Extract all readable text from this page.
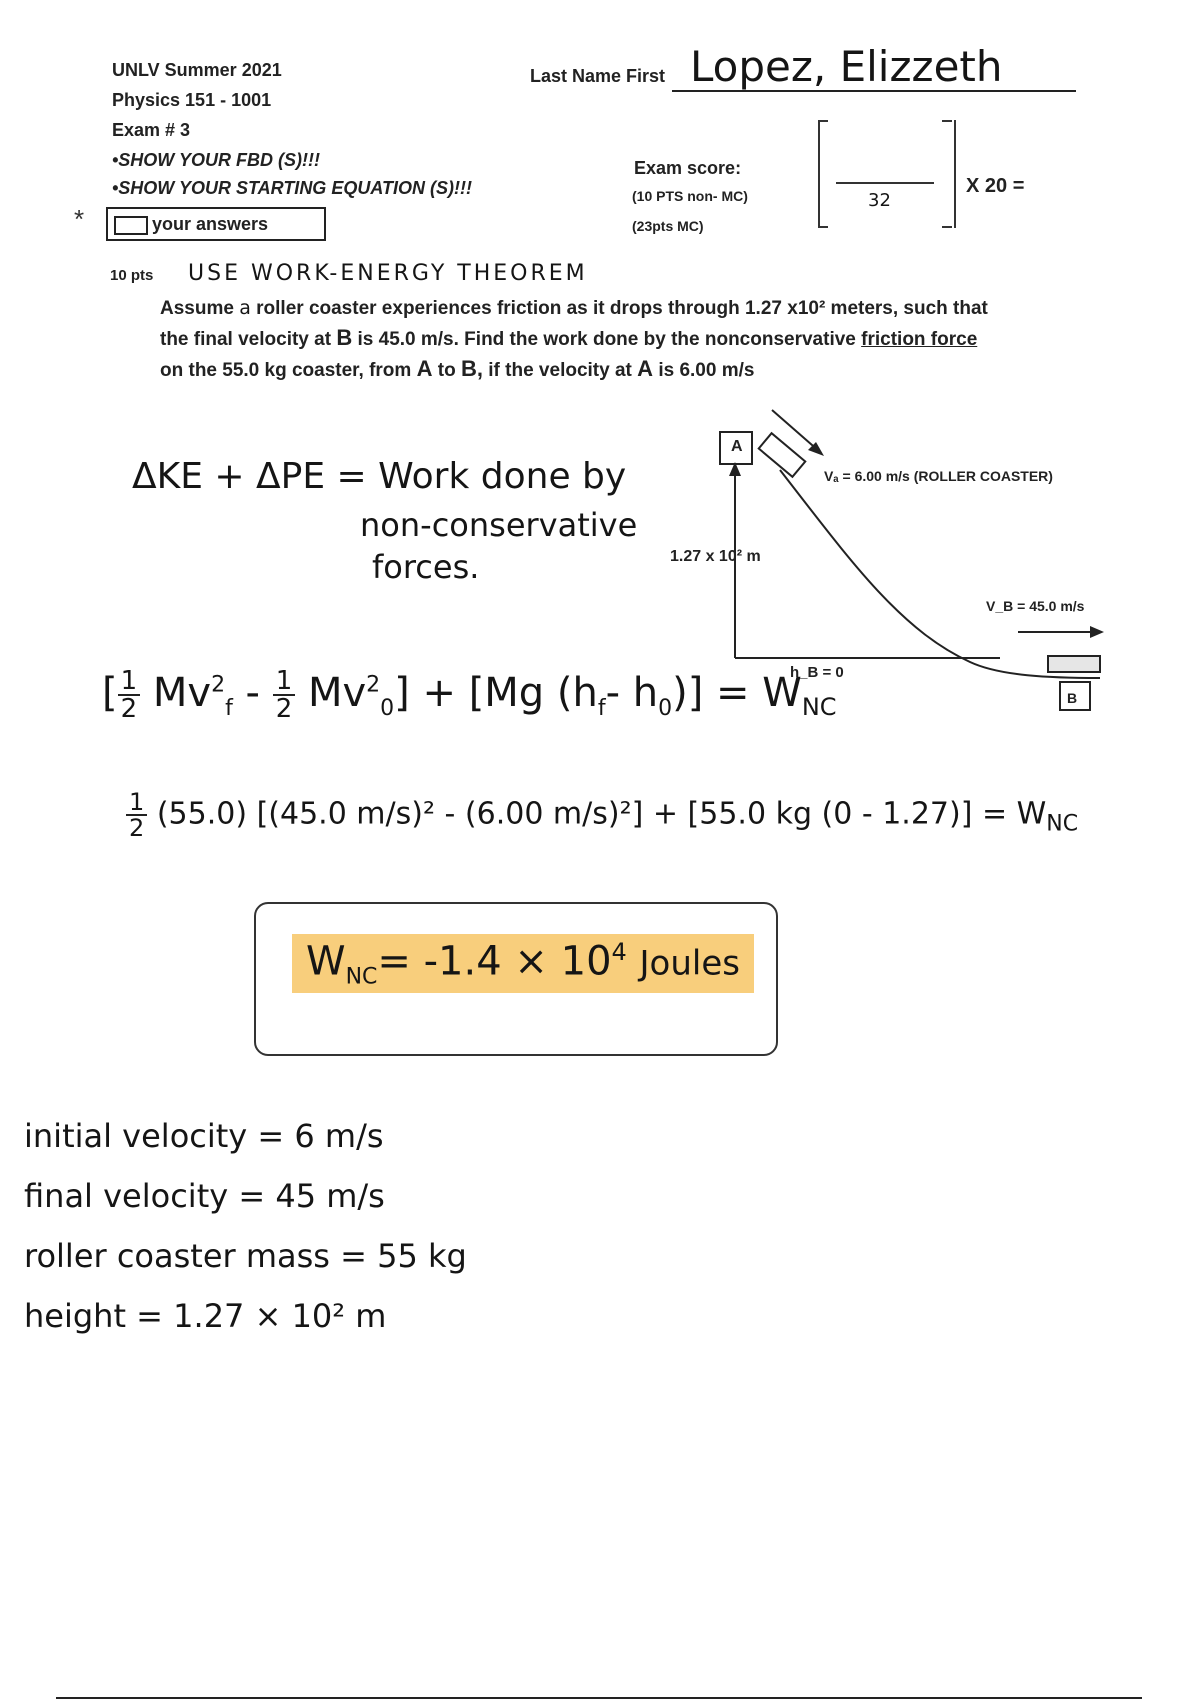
UNLV Summer 2021
Physics 151 - 1001
Exam # 3
•SHOW YOUR FBD (S)!!!
•SHOW YOUR STARTING EQUATION (S)!!!
*	your answers
Last Name First Lopez, Elizzeth
Exam score:
(10 PTS non- MC)
(23pts MC)
32
X 20 =
10 pts USE WORK-ENERGY THEOREM
Assume a roller coaster experiences friction as it drops through 1.27 x10² meters, such that
the final velocity at B is 45.0 m/s. Find the work done by the nonconservative friction force
on the 55.0 kg coaster, from A to B, if the velocity at A is 6.00 m/s
A
B
Vₐ = 6.00 m/s (ROLLER COASTER)
V_B = 45.0 m/s
1.27 x 10² m
h_B = 0
ΔKE + ΔPE = Work done by
non-conservative
forces.
[ $\frac{1}{2} Mv^2_f - \frac{1}{2} Mv^2_0] + [Mg$ ($h_f-$ $h_0)] = W_{NC}$
$\frac{1}{2} (55.0)$ [(45.0 m/s)² - (6.00 m/s)²] + [55.0 kg $(0 - 1.27)] = W_{NC}$
$W_{NC}= -1.4 \times 10^4$ Joules
initial velocity = 6 m/s
final velocity = 45 m/s
roller coaster mass = 55 kg
height = 1.27 × 10² m
